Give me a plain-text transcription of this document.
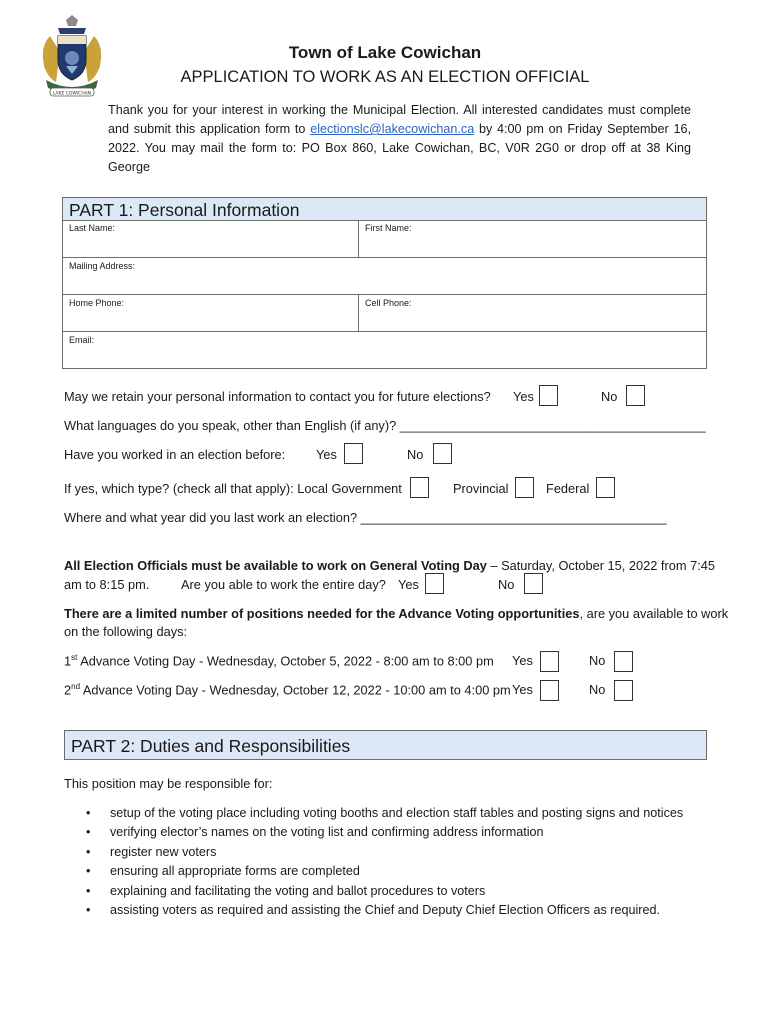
LAKE COWICHAN
Town of Lake Cowichan
APPLICATION TO WORK AS AN ELECTION OFFICIAL
Thank you for your interest in working the Municipal Election. All interested candidates must complete and submit this application form to electionslc@lakecowichan.ca by 4:00 pm on Friday September 16, 2022. You may mail the form to: PO Box 860, Lake Cowichan, BC, V0R 2G0 or drop off at 38 King George
PART 1: Personal Information
Last Name:	First Name:
Mailing Address:
Home Phone:	Cell Phone:
Email:
May we retain your personal information to contact you for future elections? Yes	No
What languages do you speak, other than English (if any)? ___________________________________________
Have you worked in an election before: Yes	No
If yes, which type? (check all that apply): Local Government	Provincial	Federal
Where and what year did you last work an election? ___________________________________________
All Election Officials must be available to work on General Voting Day – Saturday, October 15, 2022 from 7:45
am to 8:15 pm. Are you able to work the entire day? Yes	No
There are a limited number of positions needed for the Advance Voting opportunities, are you available to work
on the following days:
1st Advance Voting Day - Wednesday, October 5, 2022 - 8:00 am to 8:00 pm Yes	No
2nd Advance Voting Day - Wednesday, October 12, 2022 - 10:00 am to 4:00 pm Yes	No
PART 2: Duties and Responsibilities
This position may be responsible for:
• setup of the voting place including voting booths and election staff tables and posting signs and notices
• verifying elector’s names on the voting list and confirming address information
• register new voters
• ensuring all appropriate forms are completed
• explaining and facilitating the voting and ballot procedures to voters
• assisting voters as required and assisting the Chief and Deputy Chief Election Officers as required.
